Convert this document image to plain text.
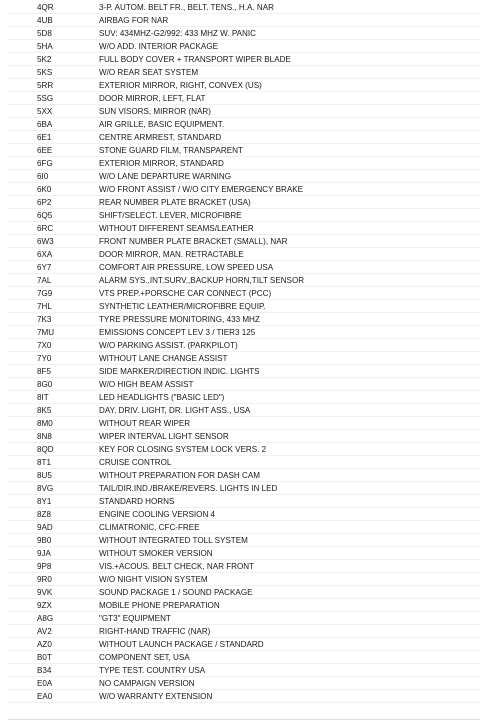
4QR	3-P. AUTOM. BELT FR., BELT. TENS., H.A. NAR
4UB	AIRBAG FOR NAR
5D8	SUV: 434MHZ-G2/992: 433 MHZ W. PANIC
5HA	W/O ADD. INTERIOR PACKAGE
5K2	FULL BODY COVER + TRANSPORT WIPER BLADE
5KS	W/O REAR SEAT SYSTEM
5RR	EXTERIOR MIRROR, RIGHT, CONVEX (US)
5SG	DOOR MIRROR, LEFT, FLAT
5XX	SUN VISORS, MIRROR (NAR)
6BA	AIR GRILLE, BASIC EQUIPMENT.
6E1	CENTRE ARMREST, STANDARD
6EE	STONE GUARD FILM, TRANSPARENT
6FG	EXTERIOR MIRROR, STANDARD
6I0	W/O LANE DEPARTURE WARNING
6K0	W/O FRONT ASSIST / W/O CITY EMERGENCY BRAKE
6P2	REAR NUMBER PLATE BRACKET (USA)
6Q5	SHIFT/SELECT. LEVER, MICROFIBRE
6RC	WITHOUT DIFFERENT SEAMS/LEATHER
6W3	FRONT NUMBER PLATE BRACKET (SMALL), NAR
6XA	DOOR MIRROR, MAN. RETRACTABLE
6Y7	COMFORT AIR PRESSURE, LOW SPEED USA
7AL	ALARM SYS.,INT.SURV.,BACKUP HORN,TILT SENSOR
7G9	VTS PREP.+PORSCHE CAR CONNECT (PCC)
7HL	SYNTHETIC LEATHER/MICROFIBRE EQUIP.
7K3	TYRE PRESSURE MONITORING, 433 MHZ
7MU	EMISSIONS CONCEPT LEV 3 / TIER3 125
7X0	W/O PARKING ASSIST. (PARKPILOT)
7Y0	WITHOUT LANE CHANGE ASSIST
8F5	SIDE MARKER/DIRECTION INDIC. LIGHTS
8G0	W/O HIGH BEAM ASSIST
8IT	LED HEADLIGHTS ("BASIC LED")
8K5	DAY. DRIV. LIGHT, DR. LIGHT ASS., USA
8M0	WITHOUT REAR WIPER
8N8	WIPER INTERVAL LIGHT SENSOR
8QD	KEY FOR CLOSING SYSTEM LOCK VERS. 2
8T1	CRUISE CONTROL
8U5	WITHOUT PREPARATION FOR DASH CAM
8VG	TAIL/DIR.IND./BRAKE/REVERS. LIGHTS IN LED
8Y1	STANDARD HORNS
8Z8	ENGINE COOLING VERSION 4
9AD	CLIMATRONIC, CFC-FREE
9B0	WITHOUT INTEGRATED TOLL SYSTEM
9JA	WITHOUT SMOKER VERSION
9P8	VIS.+ACOUS. BELT CHECK, NAR FRONT
9R0	W/O NIGHT VISION SYSTEM
9VK	SOUND PACKAGE 1 / SOUND PACKAGE
9ZX	MOBILE PHONE PREPARATION
A8G	"GT3" EQUIPMENT
AV2	RIGHT-HAND TRAFFIC (NAR)
AZ0	WITHOUT LAUNCH PACKAGE / STANDARD
B0T	COMPONENT SET, USA
B34	TYPE TEST. COUNTRY USA
E0A	NO CAMPAIGN VERSION
EA0	W/O WARRANTY EXTENSION
